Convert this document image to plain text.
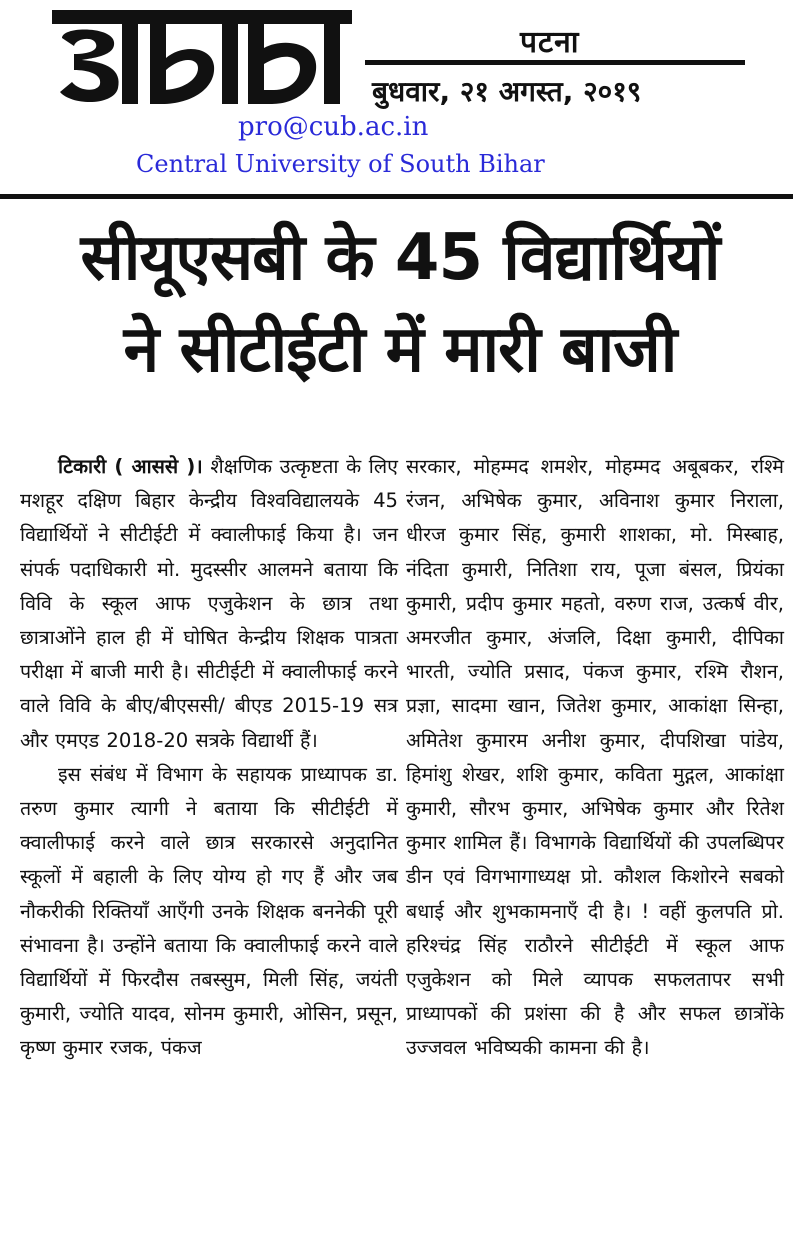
पटना
बुधवार, २१ अगस्त, २०१९
pro@cub.ac.in
Central University of South Bihar
सीयूएसबी के 45 विद्यार्थियों
ने सीटीईटी में मारी बाजी

टिकारी ( आससे )। शैक्षणिक उत्कृष्टता के लिए मशहूर दक्षिण बिहार केन्द्रीय विश्वविद्यालयके 45 विद्यार्थियों ने सीटीईटी में क्वालीफाई किया है। जन संपर्क पदाधिकारी मो. मुदस्सीर आलमने बताया कि विवि के स्कूल आफ एजुकेशन के छात्र तथा छात्राओंने हाल ही में घोषित केन्द्रीय शिक्षक पात्रता परीक्षा में बाजी मारी है। सीटीईटी में क्वालीफाई करने वाले विवि के बीए/बीएससी/ बीएड 2015-19 सत्र और एमएड 2018-20 सत्रके विद्यार्थी हैं।

इस संबंध में विभाग के सहायक प्राध्यापक डा. तरुण कुमार त्यागी ने बताया कि सीटीईटी में क्वालीफाई करने वाले छात्र सरकारसे अनुदानित स्कूलों में बहाली के लिए योग्य हो गए हैं और जब नौकरीकी रिक्तियाँ आएँगी उनके शिक्षक बननेकी पूरी संभावना है। उन्होंने बताया कि क्वालीफाई करने वाले विद्यार्थियों में फिरदौस तबस्सुम, मिली सिंह, जयंती कुमारी, ज्योति यादव, सोनम कुमारी, ओसिन, प्रसून, कृष्ण कुमार रजक, पंकज

सरकार, मोहम्मद शमशेर, मोहम्मद अबूबकर, रश्मि रंजन, अभिषेक कुमार, अविनाश कुमार निराला, धीरज कुमार सिंह, कुमारी शाशका, मो. मिस्बाह, नंदिता कुमारी, नितिशा राय, पूजा बंसल, प्रियंका कुमारी, प्रदीप कुमार महतो, वरुण राज, उत्कर्ष वीर, अमरजीत कुमार, अंजलि, दिक्षा कुमारी, दीपिका भारती, ज्योति प्रसाद, पंकज कुमार, रश्मि रौशन, प्रज्ञा, सादमा खान, जितेश कुमार, आकांक्षा सिन्हा, अमितेश कुमारम अनीश कुमार, दीपशिखा पांडेय, हिमांशु शेखर, शशि कुमार, कविता मुद्गल, आकांक्षा कुमारी, सौरभ कुमार, अभिषेक कुमार और रितेश कुमार शामिल हैं। विभागके विद्यार्थियों की उपलब्धिपर डीन एवं विगभागाध्यक्ष प्रो. कौशल किशोरने सबको बधाई और शुभकामनाएँ दी है। ! वहीं कुलपति प्रो. हरिश्चंद्र सिंह राठौरने सीटीईटी में स्कूल आफ एजुकेशन को मिले व्यापक सफलतापर सभी प्राध्यापकों की प्रशंसा की है और सफल छात्रोंके उज्जवल भविष्यकी कामना की है।
